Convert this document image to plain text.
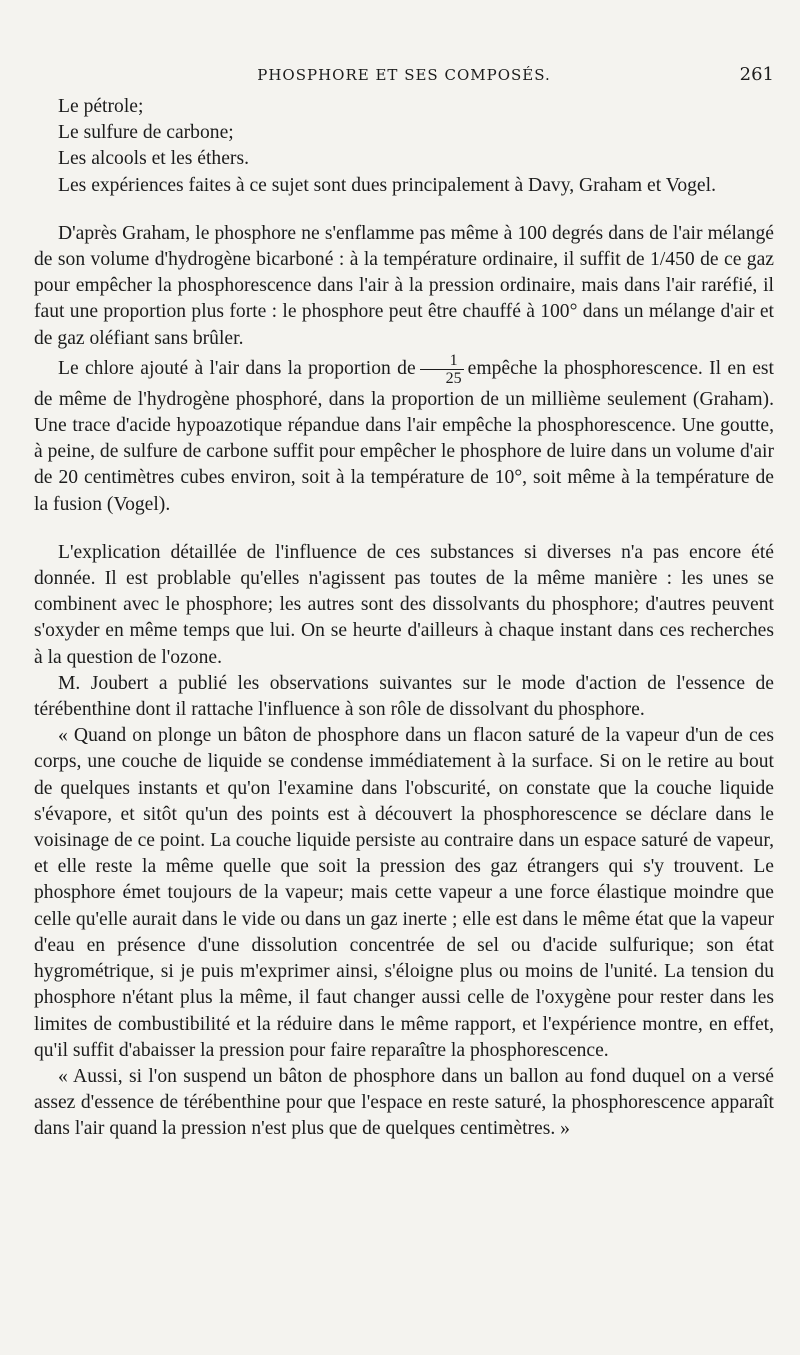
PHOSPHORE ET SES COMPOSÉS.	261

Le pétrole;

Le sulfure de carbone;

Les alcools et les éthers.

Les expériences faites à ce sujet sont dues principalement à Davy, Graham et Vogel.

D'après Graham, le phosphore ne s'enflamme pas même à 100 degrés dans de l'air mélangé de son volume d'hydrogène bicarboné : à la température ordinaire, il suffit de 1/450 de ce gaz pour empêcher la phosphorescence dans l'air à la pression ordinaire, mais dans l'air raréfié, il faut une proportion plus forte : le phosphore peut être chauffé à 100° dans un mélange d'air et de gaz oléfiant sans brûler.

Le chlore ajouté à l'air dans la proportion de $\frac{1}{25}$ empêche la phosphorescence. Il en est de même de l'hydrogène phosphoré, dans la proportion de un millième seulement (Graham). Une trace d'acide hypoazotique répandue dans l'air empêche la phosphorescence. Une goutte, à peine, de sulfure de carbone suffit pour empêcher le phosphore de luire dans un volume d'air de 20 centimètres cubes environ, soit à la température de 10°, soit même à la température de la fusion (Vogel).

L'explication détaillée de l'influence de ces substances si diverses n'a pas encore été donnée. Il est problable qu'elles n'agissent pas toutes de la même manière : les unes se combinent avec le phosphore; les autres sont des dissolvants du phosphore; d'autres peuvent s'oxyder en même temps que lui. On se heurte d'ailleurs à chaque instant dans ces recherches à la question de l'ozone.

M. Joubert a publié les observations suivantes sur le mode d'action de l'essence de térébenthine dont il rattache l'influence à son rôle de dissolvant du phosphore.

« Quand on plonge un bâton de phosphore dans un flacon saturé de la vapeur d'un de ces corps, une couche de liquide se condense immédiatement à la surface. Si on le retire au bout de quelques instants et qu'on l'examine dans l'obscurité, on constate que la couche liquide s'évapore, et sitôt qu'un des points est à découvert la phosphorescence se déclare dans le voisinage de ce point. La couche liquide persiste au contraire dans un espace saturé de vapeur, et elle reste la même quelle que soit la pression des gaz étrangers qui s'y trouvent. Le phosphore émet toujours de la vapeur; mais cette vapeur a une force élastique moindre que celle qu'elle aurait dans le vide ou dans un gaz inerte ; elle est dans le même état que la vapeur d'eau en présence d'une dissolution concentrée de sel ou d'acide sulfurique; son état hygrométrique, si je puis m'exprimer ainsi, s'éloigne plus ou moins de l'unité. La tension du phosphore n'étant plus la même, il faut changer aussi celle de l'oxygène pour rester dans les limites de combustibilité et la réduire dans le même rapport, et l'expérience montre, en effet, qu'il suffit d'abaisser la pression pour faire reparaître la phosphorescence.

« Aussi, si l'on suspend un bâton de phosphore dans un ballon au fond duquel on a versé assez d'essence de térébenthine pour que l'espace en reste saturé, la phosphorescence apparaît dans l'air quand la pression n'est plus que de quelques centimètres. »
